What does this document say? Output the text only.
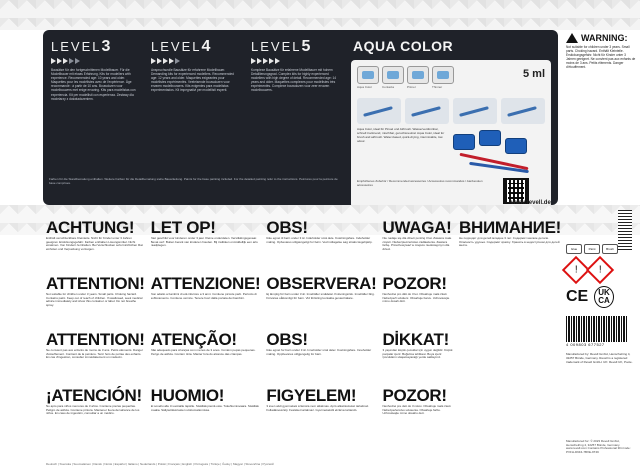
LEVEL3
Bausätze für den fortgeschrittenen Modellbauer. Für die Modellbauer mit etwas Erfahrung. Kits for modellers with experience. Recommended age: 10 years and older. Maquettes pour les modélistes avec de l'expérience. Âge recommandé : à partir de 10 ans. Bouwdozen voor modelbouwers met enige ervaring. Kits para modelistas con experiencia. Kit per modellisti con esperienza. Zestawy dla modelarzy z doświadczeniem.
LEVEL4
Anspruchsvolle Bausätze für erfahrene Modellbauer. Demanding kits for experienced modellers. Recommended age: 12 years and older. Maquettes exigeantes pour modélistes expérimentés. Veeleisende bouwdozen voor ervaren modelbouwers. Kits exigentes para modelistas experimentados. Kit impegnativi per modellisti esperti.
LEVEL5
Komplexe Bausätze für erfahrene Modellbauer mit hohem Detaillierungsgrad. Complex kits for highly experienced modellers with high degree of detail. Recommended age: 14 years and older. Maquettes complexes pour modélistes très expérimentés. Complexe bouwdozen voor zeer ervaren modelbouwers.
AQUA COLOR
Aqua Color	Contacta	Primer	Thinner
5 ml
Aqua Color, ideal für Pinsel und Airbrush. Wasserverdünnbar, schnell trocknend, mischbar, geruchsneutral. Aqua Color, ideal for brush and airbrush. Water-based, quick-drying, intermixable, low odour.
Empfohlenes Zubehör / Recommended accessories / Accessoires recommandés / Aanbevolen accessoires
www.revell.de
Farben für die Standbemalung enthalten. Weitere Farben für die Detailbemalung siehe Bauanleitung. Paints for the base painting included. For the detailed painting refer to the instructions. Peintures pour la peinture de base comprises.
WARNING:
Not suitable for children under 3 years. Small parts. Choking hazard. Enthält Kleinteile. Erstickungsgefahr. Nicht für Kinder unter 3 Jahren geeignet. Ne convient pas aux enfants de moins de 3 ans. Petits éléments. Danger d'étouffement.
ACHTUNG!
Enthält verschluckbare Kleinteile. Nicht für Kinder unter 3 Jahren geeignet. Erstickungsgefahr. Farben enthalten Lösungsmittel. Nicht einatmen. Von Kindern fernhalten. Bei Verschlucken sofort ärztlichen Rat einholen und Verpackung vorzeigen.
ATTENTION!
Not suitable for children under 3 years. Small parts. Choking hazard. Contains paint. Keep out of reach of children. If swallowed, seek medical advice immediately and show this container or label. Do not breathe spray.
ATTENTION!
Ne convient pas aux enfants de moins de 3 ans. Petits éléments. Danger d'étouffement. Contient de la peinture. Tenir hors de portée des enfants. En cas d'ingestion, consulter immédiatement un médecin.
¡ATENCIÓN!
No apto para niños menores de 3 años. Contiene piezas pequeñas. Peligro de asfixia. Contiene pintura. Mantener fuera del alcance de los niños. En caso de ingestión, consultar a un médico.
LET OP!
Niet geschikt voor kinderen onder 3 jaar. Kleine onderdelen. Verstikkingsgevaar. Bevat verf. Buiten bereik van kinderen houden. Bij inslikken onmiddellijk een arts raadplegen.
ATTENZIONE!
Non adatto a bambini di età inferiore a 3 anni. Contiene piccole parti. Pericolo di soffocamento. Contiene vernice. Tenere fuori dalla portata dei bambini.
ATENÇÃO!
Não adequado para crianças com menos de 3 anos. Contém peças pequenas. Perigo de asfixia. Contém tinta. Manter fora do alcance das crianças.
HUOMIO!
Ei sovellu alle 3-vuotiaille lapsille. Sisältää pieniä osia. Tukehtumisvaara. Sisältää maalia. Säilytettävä lasten ulottumattomissa.
OBS!
Ikke egnet til børn under 3 år. Indeholder små dele. Kvælningsfare. Indeholder maling. Opbevares utilgængeligt for børn. Ved indtagelse søg straks lægehjælp.
OBSERVERA!
Ej lämplig för barn under 3 år. Innehåller smådelar. Kvävningsrisk. Innehåller färg. Förvaras oåtkomligt för barn. Vid förtäring kontakta genast läkare.
OBS!
Ikke egnet for barn under 3 år. Inneholder små deler. Kvelningsfare. Inneholder maling. Oppbevares utilgjengelig for barn.
FIGYELEM!
3 éven aluli gyermekek számára nem alkalmas. Apró alkatrészeket tartalmaz. Fulladásveszély. Festéket tartalmaz. Gyermekektől elzárva tartandó.
UWAGA!
Nie nadaje się dla dzieci poniżej 3 lat. Zawiera małe części. Niebezpieczeństwo zadławienia. Zawiera farbę. Przechowywać w miejscu niedostępnym dla dzieci.
POZOR!
Nevhodné pro děti do 3 let. Obsahuje malé části. Nebezpečí udušení. Obsahuje barvu. Uchovávejte mimo dosah dětí.
DİKKAT!
3 yaşından küçük çocuklar için uygun değildir. Küçük parçalar içerir. Boğulma tehlikesi. Boya içerir. Çocukların ulaşamayacağı yerde saklayınız.
POZOR!
Nevhodné pre deti do 3 rokov. Obsahuje malé časti. Nebezpečenstvo udusenia. Obsahuje farbu. Uchovávajte mimo dosahu detí.
ВНИМАНИЕ!
Не подходит для детей младше 3 лет. Содержит мелкие детали. Опасность удушья. Содержит краску. Хранить в недоступном для детей месте.
Glue	Paint	Brush
! !
CE	UK
CA
4 009803 677527
Manufactured by: Revell GmbH, Henschelring 4, 32257 Bünde, Germany. Revell is a registered trademark of Revell GmbH. UK: Revell UK, Poole.
Manufactured for: © 2023 Revell GmbH, Henschelring 4, 32257 Bünde, Germany. www.revell.com Contains Professional 3D-Code: PVFH-D9F4-7BXE-9T4K
Deutsch | Svenska | Suomalainen | Dansk | Norsk | Español | Italiano | Nederlands | Polski | Français | English | Português | Türkçe | Česky | Magyar | Slovenčina | Русский
